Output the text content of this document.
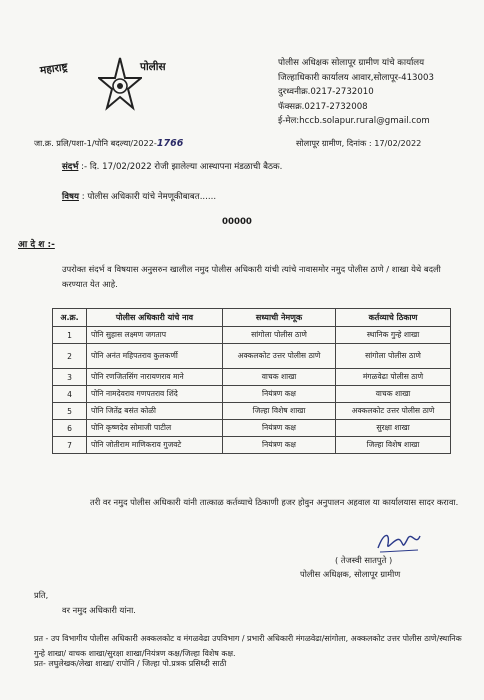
महाराष्ट्र	पोलीस	पोलीस अधिक्षक सोलापूर ग्रामीण यांचे कार्यालय
जिल्हाधिकारी कार्यालय आवार,सोलापूर-413003
दुरध्वनीक्र.0217-2732010
फॅक्सक्र.0217-2732008
ई-मेल:hccb.solapur.rural@gmail.com
जा.क्र. प्रलि/पशा-1/पोनि बदल्या/2022-1766	सोलापूर ग्रामीण, दिनांक : 17/02/2022
संदर्भ :- दि. 17/02/2022 रोजी झालेल्या आस्थापना मंडळाची बैठक.
विषय : पोलीस अधिकारी यांचे नेमणूकीबाबत......
00000
आ दे श :-
उपरोक्त संदर्भ व विषयास अनुसरुन खालील नमुद पोलीस अधिकारी यांची त्यांचे नावासमोर नमुद पोलीस ठाणे / शाखा येथे बदली करण्यात येत आहे.
अ.क्र.	पोलीस अधिकारी यांचे नाव	सध्याची नेमणूक	कर्तव्याचे ठिकाण
1	पोनि सुहास लक्ष्मण जगताप	सांगोला पोलीस ठाणे	स्थानिक गुन्हे शाखा
2	पोनि अनंत महिपतराव कुलकर्णी	अक्कलकोट उत्तर पोलीस ठाणे	सांगोला पोलीस ठाणे
3	पोनि रणजितसिंग नारायणराव माने	वाचक शाखा	मंगळवेढा पोलीस ठाणे
4	पोनि नामदेवराव गणपतराव शिंदे	नियंत्रण कक्ष	वाचक शाखा
5	पोनि जितेंद्र बसंत कोळी	जिल्हा विशेष शाखा	अक्कलकोट उत्तर पोलीस ठाणे
6	पोनि कृष्णदेव सोमाजी पाटील	नियंत्रण कक्ष	सुरक्षा शाखा
7	पोनि जोतीराम माणिकराव गुजवटे	नियंत्रण कक्ष	जिल्हा विशेष शाखा
तरी वर नमुद पोलीस अधिकारी यांनी तात्काळ कर्तव्याचे ठिकाणी हजर होवुन अनुपालन अहवाल या कार्यालयास सादर करावा.
( तेजस्वी सातपुते )
पोलीस अधिक्षक, सोलापूर ग्रामीण
प्रति,
वर नमुद अधिकारी यांना.
प्रत - उप विभागीय पोलीस अधिकारी अक्कलकोट व मंगळवेढा उपविभाग / प्रभारी अधिकारी मंगळवेढा/सांगोला, अक्कलकोट उत्तर पोलीस ठाणे/स्थानिक गुन्हे शाखा/ वाचक शाखा/सुरक्षा शाखा/नियंत्रण कक्ष/जिल्हा विशेष कक्ष.
प्रत- लघुलेखक/लेखा शाखा/ रापोनि / जिल्हा पो.प्रत्रक प्रसिध्दी साठी
